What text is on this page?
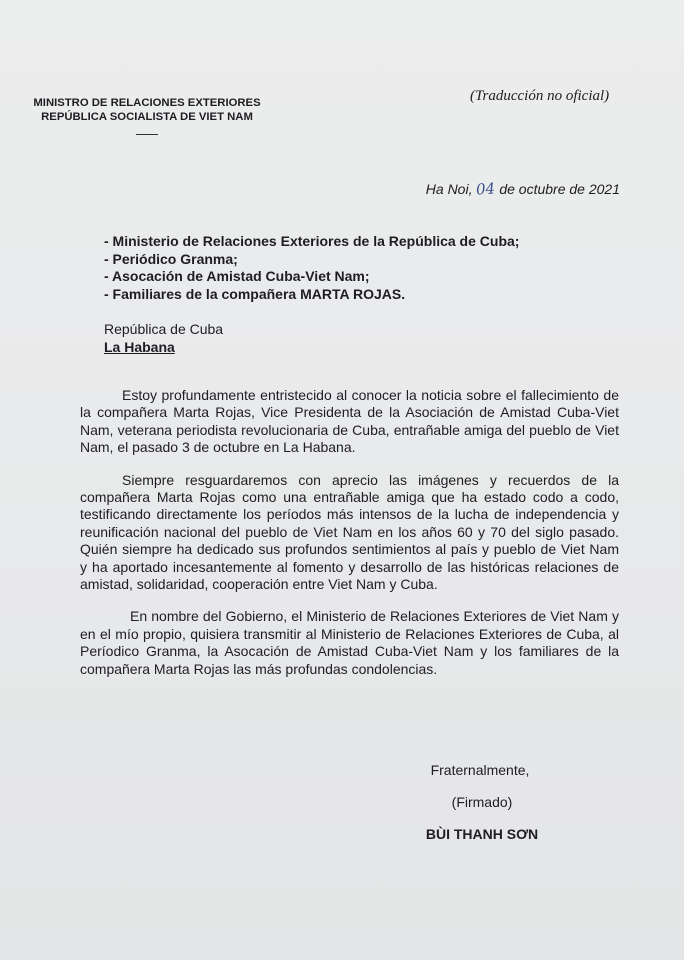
MINISTRO DE RELACIONES EXTERIORES
REPÚBLICA SOCIALISTA DE VIET NAM
(Traducción no oficial)
Ha Noi, 04 de octubre de 2021
- Ministerio de Relaciones Exteriores de la República de Cuba;
- Periódico Granma;
- Asocación de Amistad Cuba-Viet Nam;
- Familiares de la compañera MARTA ROJAS.
República de Cuba
La Habana

Estoy profundamente entristecido al conocer la noticia sobre el fallecimiento de la compañera Marta Rojas, Vice Presidenta de la Asociación de Amistad Cuba-Viet Nam, veterana periodista revolucionaria de Cuba, entrañable amiga del pueblo de Viet Nam, el pasado 3 de octubre en La Habana.

Siempre resguardaremos con aprecio las imágenes y recuerdos de la compañera Marta Rojas como una entrañable amiga que ha estado codo a codo, testificando directamente los períodos más intensos de la lucha de independencia y reunificación nacional del pueblo de Viet Nam en los años 60 y 70 del siglo pasado. Quién siempre ha dedicado sus profundos sentimientos al país y pueblo de Viet Nam y ha aportado incesantemente al fomento y desarrollo de las históricas relaciones de amistad, solidaridad, cooperación entre Viet Nam y Cuba.

En nombre del Gobierno, el Ministerio de Relaciones Exteriores de Viet Nam y en el mío propio, quisiera transmitir al Ministerio de Relaciones Exteriores de Cuba, al Períodico Granma, la Asocación de Amistad Cuba-Viet Nam y los familiares de la compañera Marta Rojas las más profundas condolencias.

Fraternalmente,
(Firmado)
BÙI THANH SƠN
